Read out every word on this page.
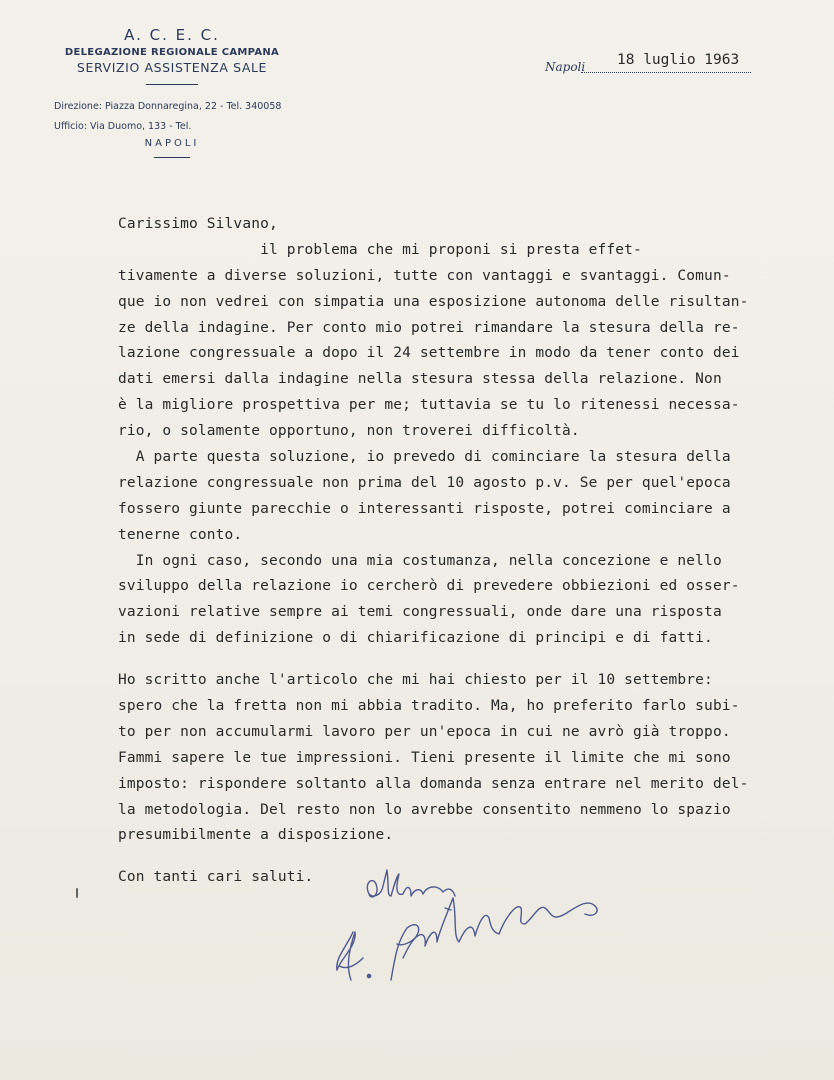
A. C. E. C.
DELEGAZIONE REGIONALE CAMPANA
SERVIZIO ASSISTENZA SALE
Direzione: Piazza Donnaregina, 22 - Tel. 340058
Ufficio: Via Duomo, 133 - Tel.
NAPOLI
Napoli 18 luglio 1963
Carissimo Silvano,
il problema che mi proponi si presta effet-
tivamente a diverse soluzioni, tutte con vantaggi e svantaggi. Comun-
que io non vedrei con simpatia una esposizione autonoma delle risultan-
ze della indagine. Per conto mio potrei rimandare la stesura della re-
lazione congressuale a dopo il 24 settembre in modo da tener conto dei
dati emersi dalla indagine nella stesura stessa della relazione. Non
è la migliore prospettiva per me; tuttavia se tu lo ritenessi necessa-
rio, o solamente opportuno, non troverei difficoltà.
A parte questa soluzione, io prevedo di cominciare la stesura della
relazione congressuale non prima del 10 agosto p.v. Se per quel'epoca
fossero giunte parecchie o interessanti risposte, potrei cominciare a
tenerne conto.
In ogni caso, secondo una mia costumanza, nella concezione e nello
sviluppo della relazione io cercherò di prevedere obbiezioni ed osser-
vazioni relative sempre ai temi congressuali, onde dare una risposta
in sede di definizione o di chiarificazione di principi e di fatti.
Ho scritto anche l'articolo che mi hai chiesto per il 10 settembre:
spero che la fretta non mi abbia tradito. Ma, ho preferito farlo subi-
to per non accumularmi lavoro per un'epoca in cui ne avrò già troppo.
Fammi sapere le tue impressioni. Tieni presente il limite che mi sono
imposto: rispondere soltanto alla domanda senza entrare nel merito del-
la metodologia. Del resto non lo avrebbe consentito nemmeno lo spazio
presumibilmente a disposizione.
Con tanti cari saluti.
